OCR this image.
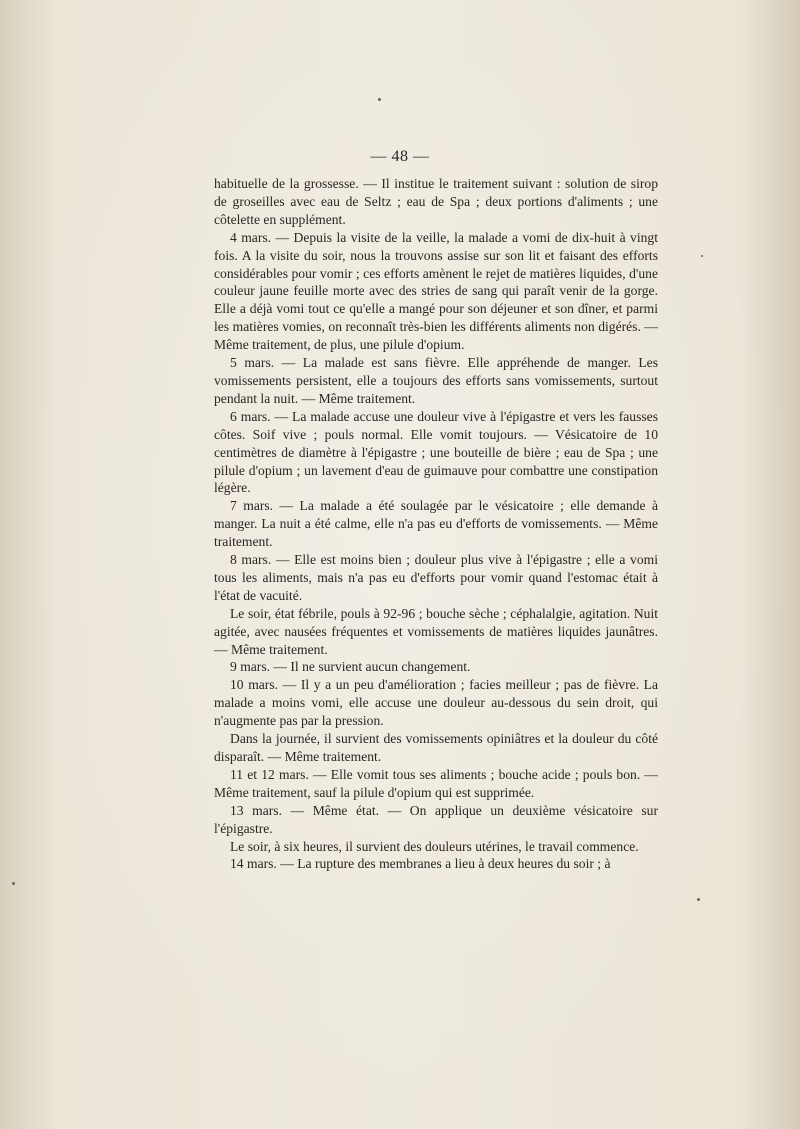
— 48 —

habituelle de la grossesse. — Il institue le traitement suivant : solution de sirop de groseilles avec eau de Seltz ; eau de Spa ; deux portions d'aliments ; une côtelette en supplément.

4 mars. — Depuis la visite de la veille, la malade a vomi de dix-huit à vingt fois. A la visite du soir, nous la trouvons assise sur son lit et faisant des efforts considérables pour vomir ; ces efforts amènent le rejet de matières liquides, d'une couleur jaune feuille morte avec des stries de sang qui paraît venir de la gorge. Elle a déjà vomi tout ce qu'elle a mangé pour son déjeuner et son dîner, et parmi les matières vomies, on reconnaît très-bien les différents aliments non digérés. — Même traitement, de plus, une pilule d'opium.

5 mars. — La malade est sans fièvre. Elle appréhende de manger. Les vomissements persistent, elle a toujours des efforts sans vomissements, surtout pendant la nuit. — Même traitement.

6 mars. — La malade accuse une douleur vive à l'épigastre et vers les fausses côtes. Soif vive ; pouls normal. Elle vomit toujours. — Vésicatoire de 10 centimètres de diamètre à l'épigastre ; une bouteille de bière ; eau de Spa ; une pilule d'opium ; un lavement d'eau de guimauve pour combattre une constipation légère.

7 mars. — La malade a été soulagée par le vésicatoire ; elle demande à manger. La nuit a été calme, elle n'a pas eu d'efforts de vomissements. — Même traitement.

8 mars. — Elle est moins bien ; douleur plus vive à l'épigastre ; elle a vomi tous les aliments, mais n'a pas eu d'efforts pour vomir quand l'estomac était à l'état de vacuité.

Le soir, état fébrile, pouls à 92-96 ; bouche sèche ; céphalalgie, agitation. Nuit agitée, avec nausées fréquentes et vomissements de matières liquides jaunâtres. — Même traitement.

9 mars. — Il ne survient aucun changement.

10 mars. — Il y a un peu d'amélioration ; facies meilleur ; pas de fièvre. La malade a moins vomi, elle accuse une douleur au-dessous du sein droit, qui n'augmente pas par la pression.

Dans la journée, il survient des vomissements opiniâtres et la douleur du côté disparaît. — Même traitement.

11 et 12 mars. — Elle vomit tous ses aliments ; bouche acide ; pouls bon. — Même traitement, sauf la pilule d'opium qui est supprimée.

13 mars. — Même état. — On applique un deuxième vésicatoire sur l'épigastre.

Le soir, à six heures, il survient des douleurs utérines, le travail commence.

14 mars. — La rupture des membranes a lieu à deux heures du soir ; à
